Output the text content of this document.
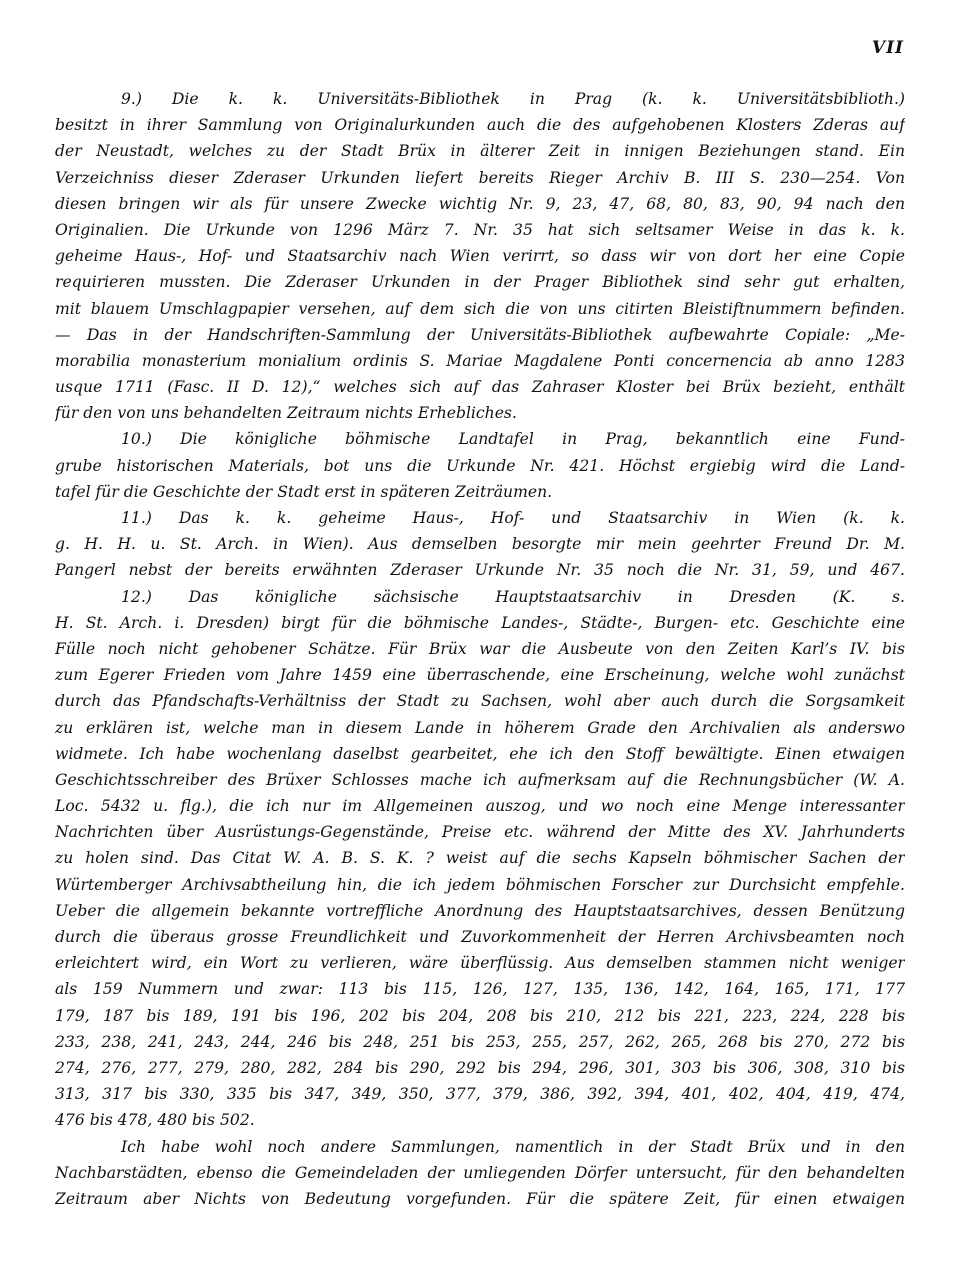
VII
9.) Die k. k. Universitäts-Bibliothek in Prag (k. k. Universitätsbiblioth.)
besitzt in ihrer Sammlung von Originalurkunden auch die des aufgehobenen Klosters Zderas auf
der Neustadt, welches zu der Stadt Brüx in älterer Zeit in innigen Beziehungen stand. Ein
Verzeichniss dieser Zderaser Urkunden liefert bereits Rieger Archiv B. III S. 230—254. Von
diesen bringen wir als für unsere Zwecke wichtig Nr. 9, 23, 47, 68, 80, 83, 90, 94 nach den
Originalien. Die Urkunde von 1296 März 7. Nr. 35 hat sich seltsamer Weise in das k. k.
geheime Haus-, Hof- und Staatsarchiv nach Wien verirrt, so dass wir von dort her eine Copie
requirieren mussten. Die Zderaser Urkunden in der Prager Bibliothek sind sehr gut erhalten,
mit blauem Umschlagpapier versehen, auf dem sich die von uns citirten Bleistiftnummern befinden.
— Das in der Handschriften-Sammlung der Universitäts-Bibliothek aufbewahrte Copiale: „Me-
morabilia monasterium monialium ordinis S. Mariae Magdalene Ponti concernencia ab anno 1283
usque 1711 (Fasc. II D. 12),“ welches sich auf das Zahraser Kloster bei Brüx bezieht, enthält
für den von uns behandelten Zeitraum nichts Erhebliches.
10.) Die königliche böhmische Landtafel in Prag, bekanntlich eine Fund-
grube historischen Materials, bot uns die Urkunde Nr. 421. Höchst ergiebig wird die Land-
tafel für die Geschichte der Stadt erst in späteren Zeiträumen.
11.) Das k. k. geheime Haus-, Hof- und Staatsarchiv in Wien (k. k.
g. H. H. u. St. Arch. in Wien). Aus demselben besorgte mir mein geehrter Freund Dr. M.
Pangerl nebst der bereits erwähnten Zderaser Urkunde Nr. 35 noch die Nr. 31, 59, und 467.
12.) Das königliche sächsische Hauptstaatsarchiv in Dresden (K. s.
H. St. Arch. i. Dresden) birgt für die böhmische Landes-, Städte-, Burgen- etc. Geschichte eine
Fülle noch nicht gehobener Schätze. Für Brüx war die Ausbeute von den Zeiten Karl’s IV. bis
zum Egerer Frieden vom Jahre 1459 eine überraschende, eine Erscheinung, welche wohl zunächst
durch das Pfandschafts-Verhältniss der Stadt zu Sachsen, wohl aber auch durch die Sorgsamkeit
zu erklären ist, welche man in diesem Lande in höherem Grade den Archivalien als anderswo
widmete. Ich habe wochenlang daselbst gearbeitet, ehe ich den Stoff bewältigte. Einen etwaigen
Geschichtsschreiber des Brüxer Schlosses mache ich aufmerksam auf die Rechnungsbücher (W. A.
Loc. 5432 u. flg.), die ich nur im Allgemeinen auszog, und wo noch eine Menge interessanter
Nachrichten über Ausrüstungs-Gegenstände, Preise etc. während der Mitte des XV. Jahrhunderts
zu holen sind. Das Citat W. A. B. S. K. ? weist auf die sechs Kapseln böhmischer Sachen der
Würtemberger Archivsabtheilung hin, die ich jedem böhmischen Forscher zur Durchsicht empfehle.
Ueber die allgemein bekannte vortreffliche Anordnung des Hauptstaatsarchives, dessen Benützung
durch die überaus grosse Freundlichkeit und Zuvorkommenheit der Herren Archivsbeamten noch
erleichtert wird, ein Wort zu verlieren, wäre überflüssig. Aus demselben stammen nicht weniger
als 159 Nummern und zwar: 113 bis 115, 126, 127, 135, 136, 142, 164, 165, 171, 177
179, 187 bis 189, 191 bis 196, 202 bis 204, 208 bis 210, 212 bis 221, 223, 224, 228 bis
233, 238, 241, 243, 244, 246 bis 248, 251 bis 253, 255, 257, 262, 265, 268 bis 270, 272 bis
274, 276, 277, 279, 280, 282, 284 bis 290, 292 bis 294, 296, 301, 303 bis 306, 308, 310 bis
313, 317 bis 330, 335 bis 347, 349, 350, 377, 379, 386, 392, 394, 401, 402, 404, 419, 474,
476 bis 478, 480 bis 502.
Ich habe wohl noch andere Sammlungen, namentlich in der Stadt Brüx und in den
Nachbarstädten, ebenso die Gemeindeladen der umliegenden Dörfer untersucht, für den behandelten
Zeitraum aber Nichts von Bedeutung vorgefunden. Für die spätere Zeit, für einen etwaigen
